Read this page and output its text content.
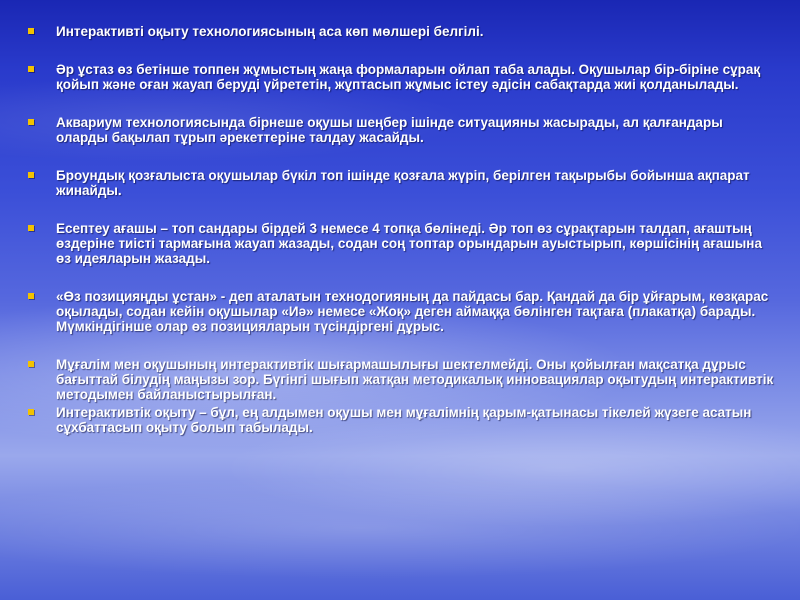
Интерактивті оқыту технологиясының аса көп мөлшері белгілі.
Әр ұстаз өз бетінше топпен жұмыстың жаңа формаларын ойлап таба алады. Оқушылар бір-біріне сұрақ қойып және оған жауап беруді үйрететін, жұптасып жұмыс істеу әдісін сабақтарда жиі қолданылады.
Аквариум технологиясында бірнеше оқушы шеңбер ішінде ситуацияны жасырады, ал қалғандары оларды бақылап тұрып әрекеттеріне талдау жасайды.
Броундық қозғалыста оқушылар бүкіл топ ішінде қозғала жүріп, берілген тақырыбы бойынша ақпарат жинайды.
Есептеу ағашы – топ сандары бірдей 3 немесе 4 топқа бөлінеді. Әр топ өз сұрақтарын талдап, ағаштың өздеріне тиісті тармағына жауап жазады, содан соң топтар орындарын ауыстырып, көршісінің ағашына өз идеяларын жазады.
«Өз позицияңды ұстан» - деп аталатын технодогияның да пайдасы бар. Қандай да бір ұйғарым, көзқарас оқылады, содан кейін оқушылар «Иә» немесе «Жоқ» деген аймаққа бөлінген тақтаға (плакатқа) барады. Мүмкіндігінше олар өз позицияларын түсіндіргені дұрыс.
Мұғалім мен оқушының интерактивтік шығармашылығы шектелмейді. Оны қойылған мақсатқа дұрыс бағыттай білудің маңызы зор. Бүгінгі шығып жатқан методикалық инновациялар оқытудың интерактивтік методымен байланыстырылған.
Интерактивтік оқыту – бұл, ең алдымен оқушы мен мұғалімнің қарым-қатынасы тікелей жүзеге асатын сұхбаттасып оқыту болып табылады.
